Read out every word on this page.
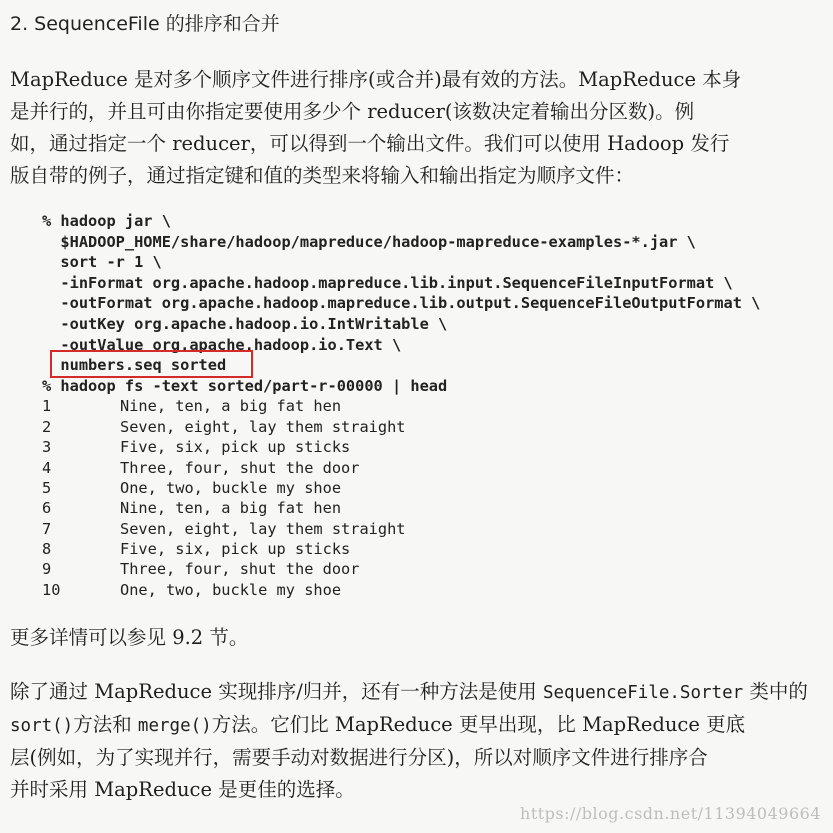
2. SequenceFile 的排序和合并
MapReduce 是对多个顺序文件进行排序(或合并)最有效的方法。MapReduce 本身
是并行的，并且可由你指定要使用多少个 reducer(该数决定着输出分区数)。例
如，通过指定一个 reducer，可以得到一个输出文件。我们可以使用 Hadoop 发行
版自带的例子，通过指定键和值的类型来将输入和输出指定为顺序文件：
% hadoop jar \
$HADOOP_HOME/share/hadoop/mapreduce/hadoop-mapreduce-examples-*.jar \
sort -r 1 \
-inFormat org.apache.hadoop.mapreduce.lib.input.SequenceFileInputFormat \
-outFormat org.apache.hadoop.mapreduce.lib.output.SequenceFileOutputFormat \
-outKey org.apache.hadoop.io.IntWritable \
-outValue org.apache.hadoop.io.Text \
numbers.seq sorted
% hadoop fs -text sorted/part-r-00000 | head
1	Nine, ten, a big fat hen
2	Seven, eight, lay them straight
3	Five, six, pick up sticks
4	Three, four, shut the door
5	One, two, buckle my shoe
6	Nine, ten, a big fat hen
7	Seven, eight, lay them straight
8	Five, six, pick up sticks
9	Three, four, shut the door
10	One, two, buckle my shoe
更多详情可以参见 9.2 节。
除了通过 MapReduce 实现排序/归并，还有一种方法是使用 SequenceFile.Sorter 类中的
sort()方法和 merge()方法。它们比 MapReduce 更早出现，比 MapReduce 更底
层(例如，为了实现并行，需要手动对数据进行分区)，所以对顺序文件进行排序合
并时采用 MapReduce 是更佳的选择。
https://blog.csdn.net/11394049664
